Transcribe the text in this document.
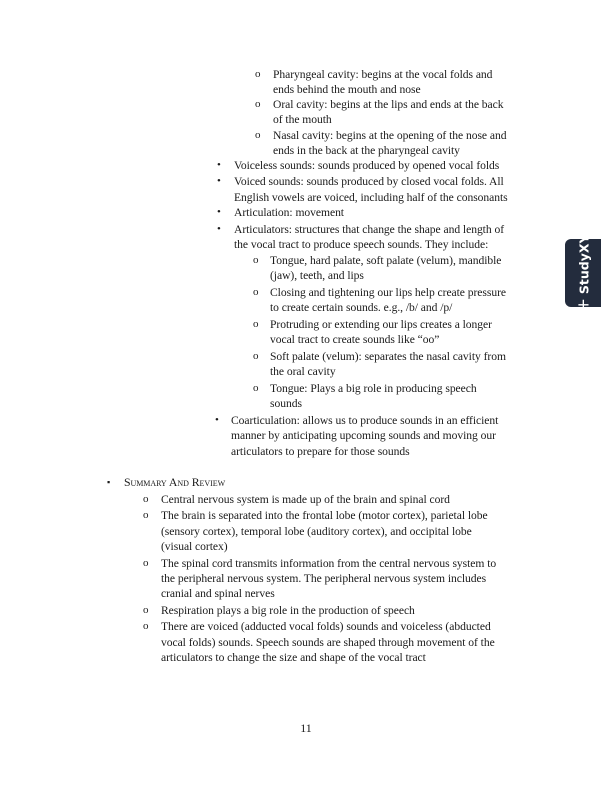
o Pharyngeal cavity: begins at the vocal folds and
ends behind the mouth and nose
o Oral cavity: begins at the lips and ends at the back
of the mouth
o Nasal cavity: begins at the opening of the nose and
ends in the back at the pharyngeal cavity
• Voiceless sounds: sounds produced by opened vocal folds
• Voiced sounds: sounds produced by closed vocal folds. All
English vowels are voiced, including half of the consonants
• Articulation: movement
• Articulators: structures that change the shape and length of
the vocal tract to produce speech sounds. They include:
o Tongue, hard palate, soft palate (velum), mandible
(jaw), teeth, and lips
o Closing and tightening our lips help create pressure
to create certain sounds. e.g., /b/ and /p/
o Protruding or extending our lips creates a longer
vocal tract to create sounds like “oo”
o Soft palate (velum): separates the nasal cavity from
the oral cavity
o Tongue: Plays a big role in producing speech
sounds
• Coarticulation: allows us to produce sounds in an efficient
manner by anticipating upcoming sounds and moving our
articulators to prepare for those sounds
▪ Summary And Review
o Central nervous system is made up of the brain and spinal cord
o The brain is separated into the frontal lobe (motor cortex), parietal lobe
(sensory cortex), temporal lobe (auditory cortex), and occipital lobe
(visual cortex)
o The spinal cord transmits information from the central nervous system to
the peripheral nervous system. The peripheral nervous system includes
cranial and spinal nerves
o Respiration plays a big role in the production of speech
o There are voiced (adducted vocal folds) sounds and voiceless (abducted
vocal folds) sounds. Speech sounds are shaped through movement of the
articulators to change the size and shape of the vocal tract
11
+StudyXY
